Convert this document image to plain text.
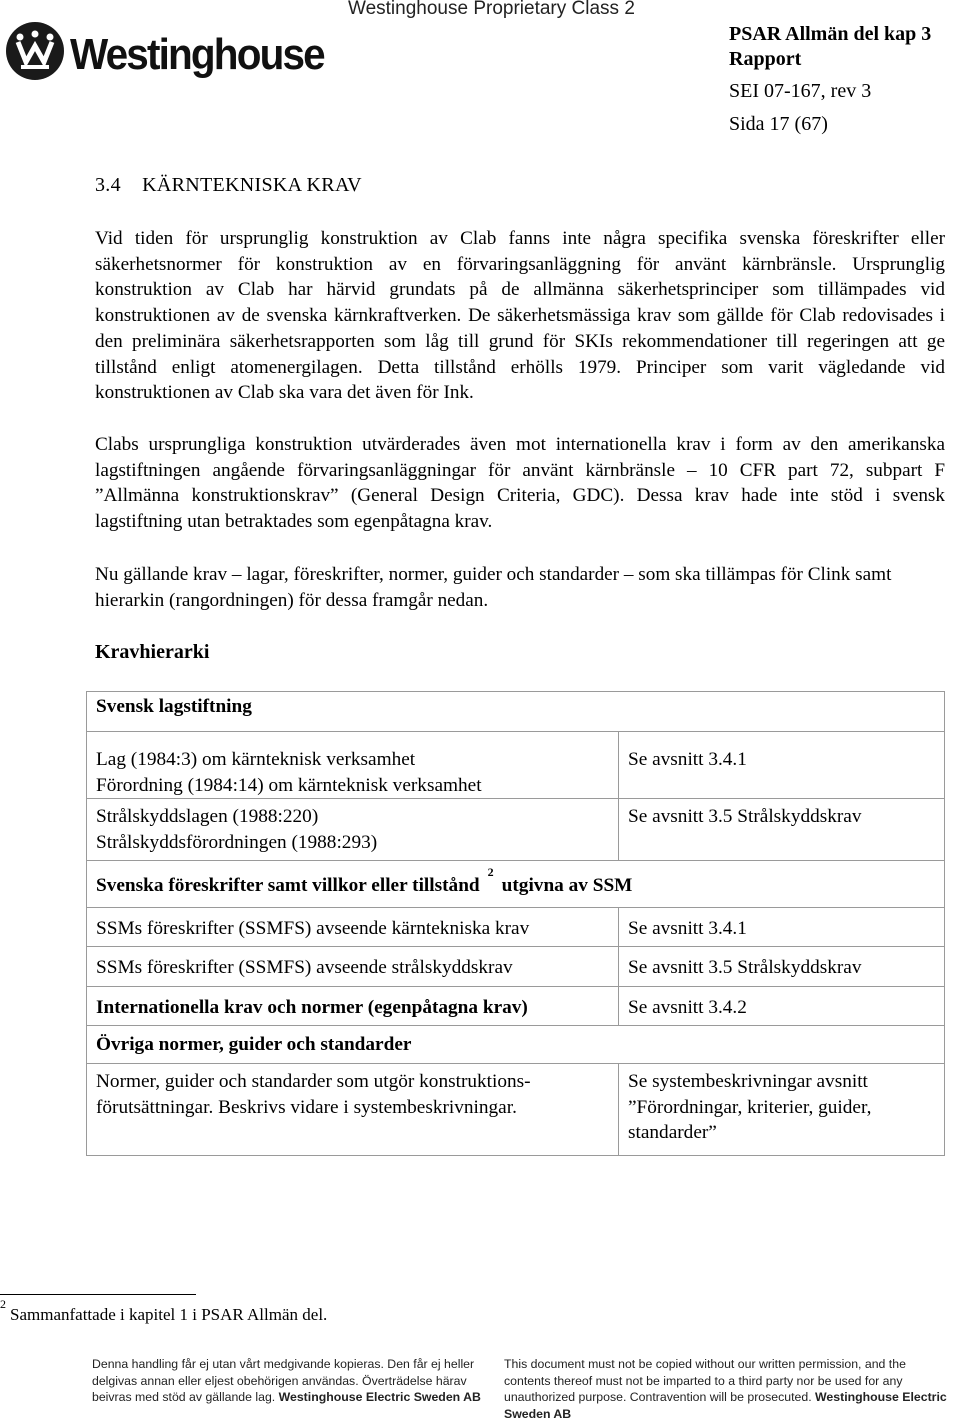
Westinghouse
Westinghouse Proprietary Class 2
PSAR Allmän del kap 3
Rapport
SEI 07-167, rev 3
Sida 17 (67)
3.4    KÄRNTEKNISKA KRAV
Vid tiden för ursprunglig konstruktion av Clab fanns inte några specifika svenska föreskrifter eller säkerhetsnormer för konstruktion av en förvaringsanläggning för använt kärnbränsle. Ursprunglig konstruktion av Clab har härvid grundats på de allmänna säkerhetsprinciper som tillämpades vid konstruktionen av de svenska kärnkraftverken. De säkerhetsmässiga krav som gällde för Clab redovisades i den preliminära säkerhetsrapporten som låg till grund för SKIs rekommendationer till regeringen att ge tillstånd enligt atomenergilagen. Detta tillstånd erhölls 1979. Principer som varit vägledande vid konstruktionen av Clab ska vara det även för Ink.
Clabs ursprungliga konstruktion utvärderades även mot internationella krav i form av den amerikanska lagstiftningen angående förvaringsanläggningar för använt kärnbränsle – 10 CFR part 72, subpart F ”Allmänna konstruktionskrav” (General Design Criteria, GDC). Dessa krav hade inte stöd i svensk lagstiftning utan betraktades som egenpåtagna krav.
Nu gällande krav – lagar, föreskrifter, normer, guider och standarder – som ska tillämpas för Clink samt hierarkin (rangordningen) för dessa framgår nedan.
Kravhierarki
Svensk lagstiftning	

Lag (1984:3) om kärnteknisk verksamhet
Förordning (1984:14) om kärnteknisk verksamhet	Se avsnitt 3.4.1

Strålskyddslagen (1988:220)
Strålskyddsförordningen (1988:293)	Se avsnitt 3.5 Strålskyddskrav
Svenska föreskrifter samt villkor eller tillstånd$^2$utgivna av SSM	
SSMs föreskrifter (SSMFS) avseende kärntekniska krav	Se avsnitt 3.4.1
SSMs föreskrifter (SSMFS) avseende strålskyddskrav	Se avsnitt 3.5 Strålskyddskrav
Internationella krav och normer (egenpåtagna krav)	Se avsnitt 3.4.2
Övriga normer, guider och standarder	
Normer, guider och standarder som utgör konstruktions-förutsättningar. Beskrivs vidare i systembeskrivningar.	Se systembeskrivningar avsnitt ”Förordningar, kriterier, guider, standarder”
$^2$Sammanfattade i kapitel 1 i PSAR Allmän del.
Denna handling får ej utan vårt medgivande kopieras. Den får ej heller delgivas annan eller eljest obehörigen användas. Överträdelse härav beivras med stöd av gällande lag. Westinghouse Electric Sweden AB
This document must not be copied without our written permission, and the contents thereof must not be imparted to a third party nor be used for any unauthorized purpose. Contravention will be prosecuted. Westinghouse Electric Sweden AB
